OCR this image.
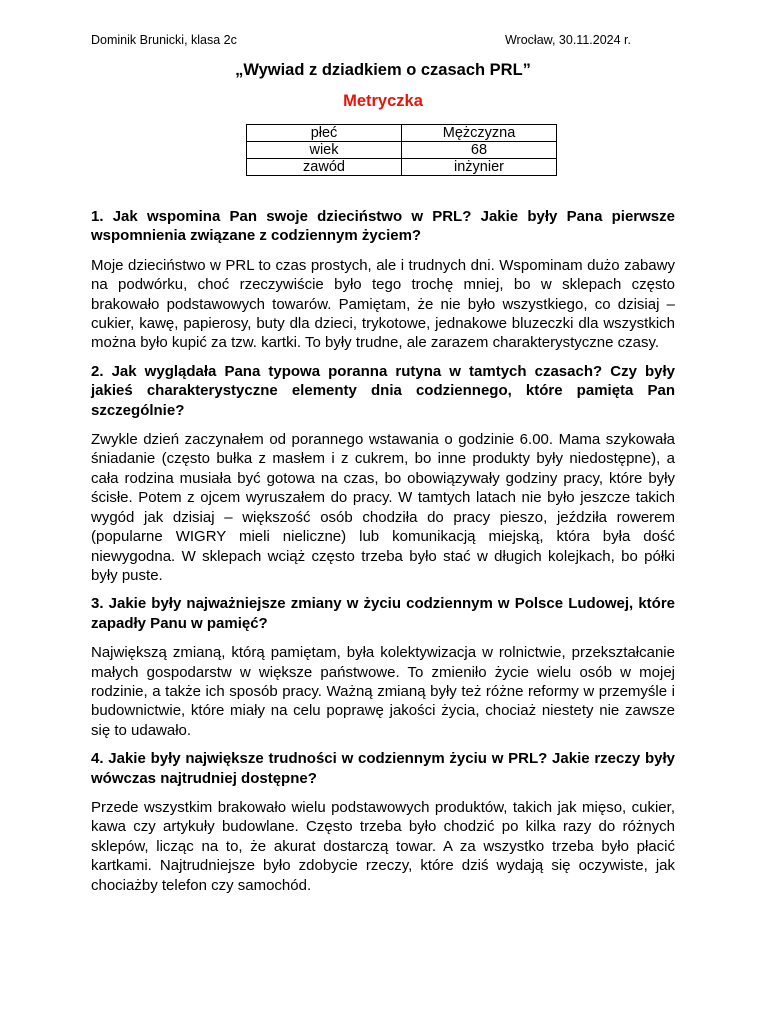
Dominik Brunicki, klasa 2c	Wrocław, 30.11.2024 r.
„Wywiad z dziadkiem o czasach PRL”
Metryczka
płeć	Mężczyzna
wiek	68
zawód	inżynier

1. Jak wspomina Pan swoje dzieciństwo w PRL? Jakie były Pana pierwsze wspomnienia związane z codziennym życiem?

Moje dzieciństwo w PRL to czas prostych, ale i trudnych dni. Wspominam dużo zabawy na podwórku, choć rzeczywiście było tego trochę mniej, bo w sklepach często brakowało podstawowych towarów. Pamiętam, że nie było wszystkiego, co dzisiaj – cukier, kawę, papierosy, buty dla dzieci, trykotowe, jednakowe bluzeczki dla wszystkich można było kupić za tzw. kartki. To były trudne, ale zarazem charakterystyczne czasy.

2. Jak wyglądała Pana typowa poranna rutyna w tamtych czasach? Czy były jakieś charakterystyczne elementy dnia codziennego, które pamięta Pan szczególnie?

Zwykle dzień zaczynałem od porannego wstawania o godzinie 6.00. Mama szykowała śniadanie (często bułka z masłem i z cukrem, bo inne produkty były niedostępne), a cała rodzina musiała być gotowa na czas, bo obowiązywały godziny pracy, które były ścisłe. Potem z ojcem wyruszałem do pracy. W tamtych latach nie było jeszcze takich wygód jak dzisiaj – większość osób chodziła do pracy pieszo, jeździła rowerem (popularne WIGRY mieli nieliczne) lub komunikacją miejską, która była dość niewygodna. W sklepach wciąż często trzeba było stać w długich kolejkach, bo półki były puste.

3. Jakie były najważniejsze zmiany w życiu codziennym w Polsce Ludowej, które zapadły Panu w pamięć?

Największą zmianą, którą pamiętam, była kolektywizacja w rolnictwie, przekształcanie małych gospodarstw w większe państwowe. To zmieniło życie wielu osób w mojej rodzinie, a także ich sposób pracy. Ważną zmianą były też różne reformy w przemyśle i budownictwie, które miały na celu poprawę jakości życia, chociaż niestety nie zawsze się to udawało.

4. Jakie były największe trudności w codziennym życiu w PRL? Jakie rzeczy były wówczas najtrudniej dostępne?

Przede wszystkim brakowało wielu podstawowych produktów, takich jak mięso, cukier, kawa czy artykuły budowlane. Często trzeba było chodzić po kilka razy do różnych sklepów, licząc na to, że akurat dostarczą towar. A za wszystko trzeba było płacić kartkami. Najtrudniejsze było zdobycie rzeczy, które dziś wydają się oczywiste, jak chociażby telefon czy samochód.
